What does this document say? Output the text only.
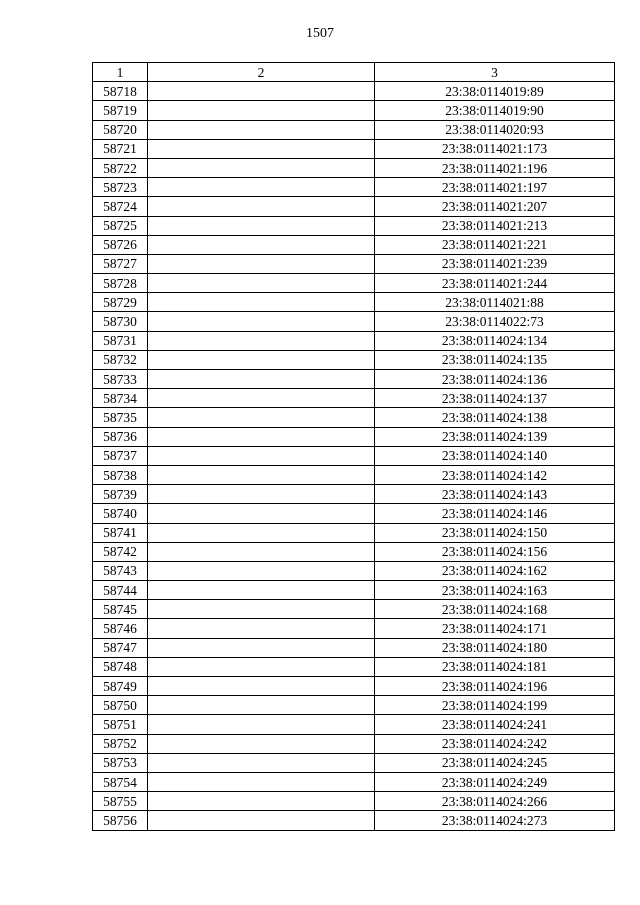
1507
1	2	3
58718		23:38:0114019:89
58719		23:38:0114019:90
58720		23:38:0114020:93
58721		23:38:0114021:173
58722		23:38:0114021:196
58723		23:38:0114021:197
58724		23:38:0114021:207
58725		23:38:0114021:213
58726		23:38:0114021:221
58727		23:38:0114021:239
58728		23:38:0114021:244
58729		23:38:0114021:88
58730		23:38:0114022:73
58731		23:38:0114024:134
58732		23:38:0114024:135
58733		23:38:0114024:136
58734		23:38:0114024:137
58735		23:38:0114024:138
58736		23:38:0114024:139
58737		23:38:0114024:140
58738		23:38:0114024:142
58739		23:38:0114024:143
58740		23:38:0114024:146
58741		23:38:0114024:150
58742		23:38:0114024:156
58743		23:38:0114024:162
58744		23:38:0114024:163
58745		23:38:0114024:168
58746		23:38:0114024:171
58747		23:38:0114024:180
58748		23:38:0114024:181
58749		23:38:0114024:196
58750		23:38:0114024:199
58751		23:38:0114024:241
58752		23:38:0114024:242
58753		23:38:0114024:245
58754		23:38:0114024:249
58755		23:38:0114024:266
58756		23:38:0114024:273
